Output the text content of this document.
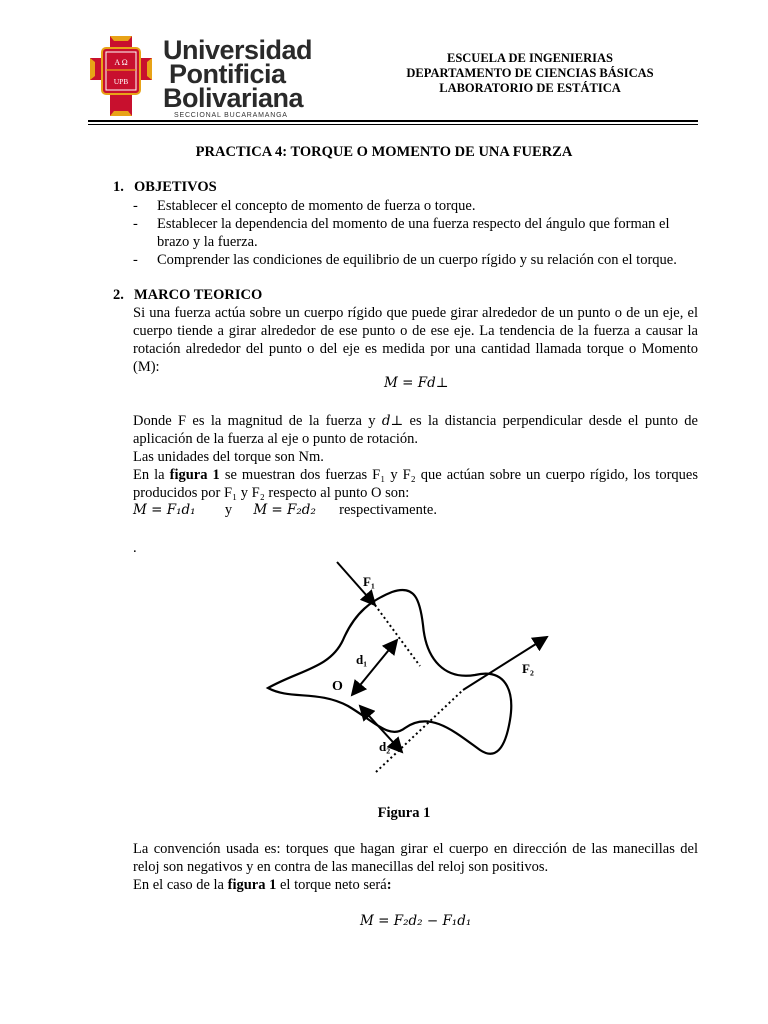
A Ω
UPB
Universidad
Pontificia
Bolivariana
SECCIONAL BUCARAMANGA
ESCUELA DE INGENIERIAS
DEPARTAMENTO DE CIENCIAS BÁSICAS
LABORATORIO DE ESTÁTICA
PRACTICA 4: TORQUE O MOMENTO DE UNA FUERZA
1. OBJETIVOS
- Establecer el concepto de momento de fuerza o torque.
- Establecer la dependencia del momento de una fuerza respecto del ángulo que forman el brazo y la fuerza.
- Comprender las condiciones de equilibrio de un cuerpo rígido y su relación con el torque.
2. MARCO TEORICO
Si una fuerza actúa sobre un cuerpo rígido que puede girar alrededor de un punto o de un eje, el cuerpo tiende a girar alrededor de ese punto o de ese eje. La tendencia de la fuerza a causar la rotación alrededor del punto o del eje es medida por una cantidad llamada torque o Momento (M):
M = Fd⊥
Donde F es la magnitud de la fuerza y d⊥ es la distancia perpendicular desde el punto de aplicación de la fuerza al eje o punto de rotación.
Las unidades del torque son Nm.
En la figura 1 se muestran dos fuerzas F₁ y F₂ que actúan sobre un cuerpo rígido, los torques producidos por F₁ y F₂ respecto al punto O son:
M = F₁d₁ y M = F₂d₂ respectivamente.
.
F₁
F₂
d₁
d₂
O
Figura 1
La convención usada es: torques que hagan girar el cuerpo en dirección de las manecillas del reloj son negativos y en contra de las manecillas del reloj son positivos.
En el caso de la figura 1 el torque neto será:
M = F₂d₂ − F₁d₁
